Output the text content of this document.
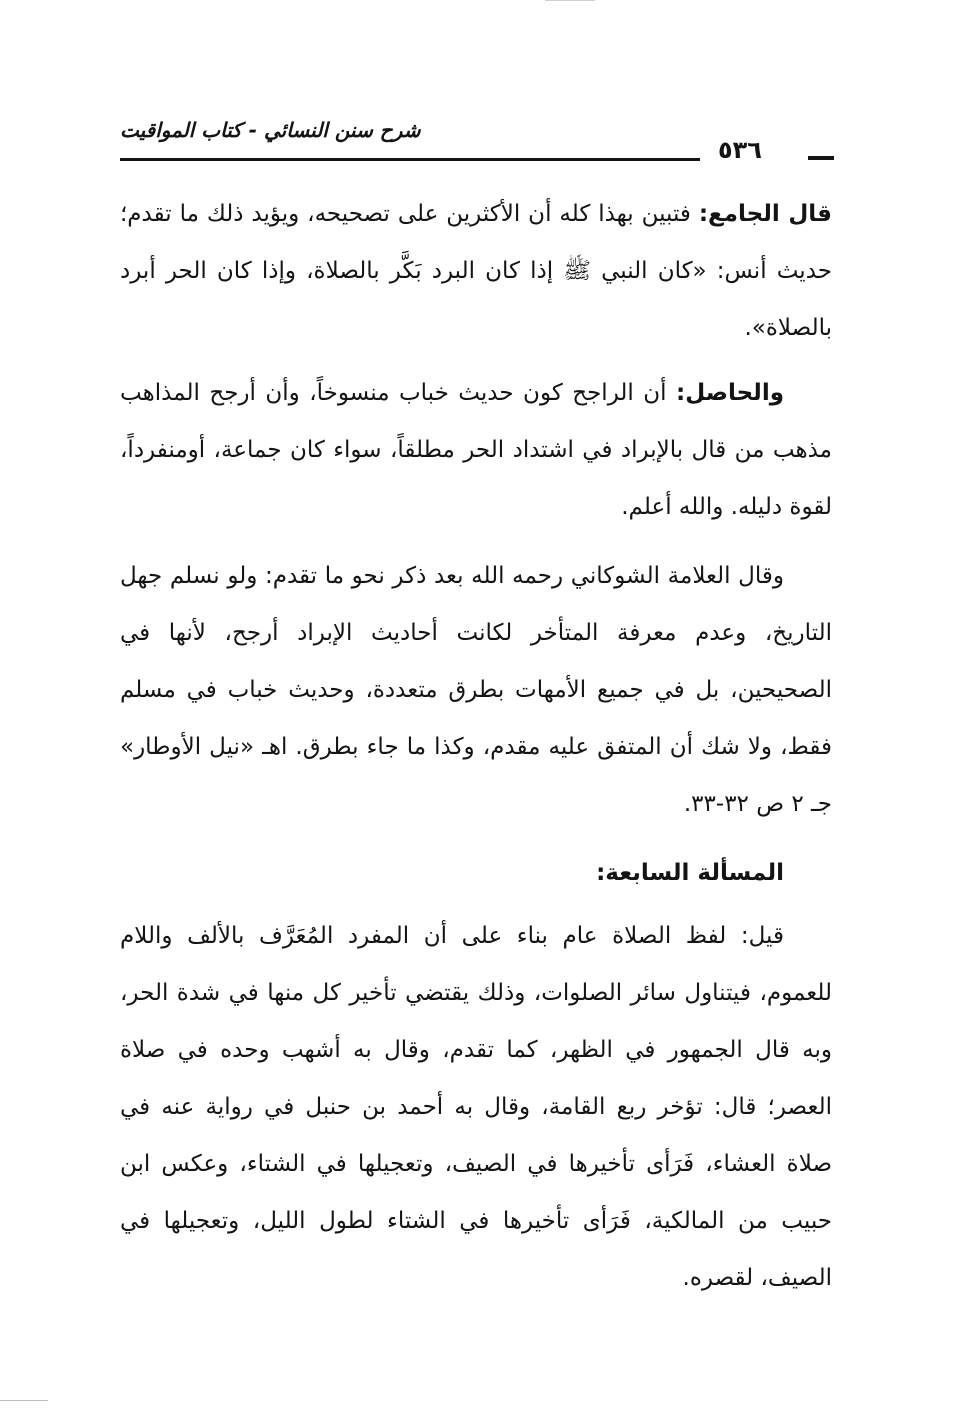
شرح سنن النسائي - كتاب المواقيت
٥٣٦

قال الجامع: فتبين بهذا كله أن الأكثرين على تصحيحه، ويؤيد ذلك ما تقدم؛ حديث أنس: «كان النبي ﷺ إذا كان البرد بَكَّر بالصلاة، وإذا كان الحر أبرد بالصلاة».

والحاصل: أن الراجح كون حديث خباب منسوخاً، وأن أرجح المذاهب مذهب من قال بالإبراد في اشتداد الحر مطلقاً، سواء كان جماعة، أومنفرداً، لقوة دليله. والله أعلم.

وقال العلامة الشوكاني رحمه الله بعد ذكر نحو ما تقدم: ولو نسلم جهل التاريخ، وعدم معرفة المتأخر لكانت أحاديث الإبراد أرجح، لأنها في الصحيحين، بل في جميع الأمهات بطرق متعددة، وحديث خباب في مسلم فقط، ولا شك أن المتفق عليه مقدم، وكذا ما جاء بطرق. اهـ «نيل الأوطار» جـ ٢ ص ٣٢-٣٣.

المسألة السابعة:

قيل: لفظ الصلاة عام بناء على أن المفرد المُعَرَّف بالألف واللام للعموم، فيتناول سائر الصلوات، وذلك يقتضي تأخير كل منها في شدة الحر، وبه قال الجمهور في الظهر، كما تقدم، وقال به أشهب وحده في صلاة العصر؛ قال: تؤخر ربع القامة، وقال به أحمد بن حنبل في رواية عنه في صلاة العشاء، فَرَأى تأخيرها في الصيف، وتعجيلها في الشتاء، وعكس ابن حبيب من المالكية، فَرَأى تأخيرها في الشتاء لطول الليل، وتعجيلها في الصيف، لقصره.
